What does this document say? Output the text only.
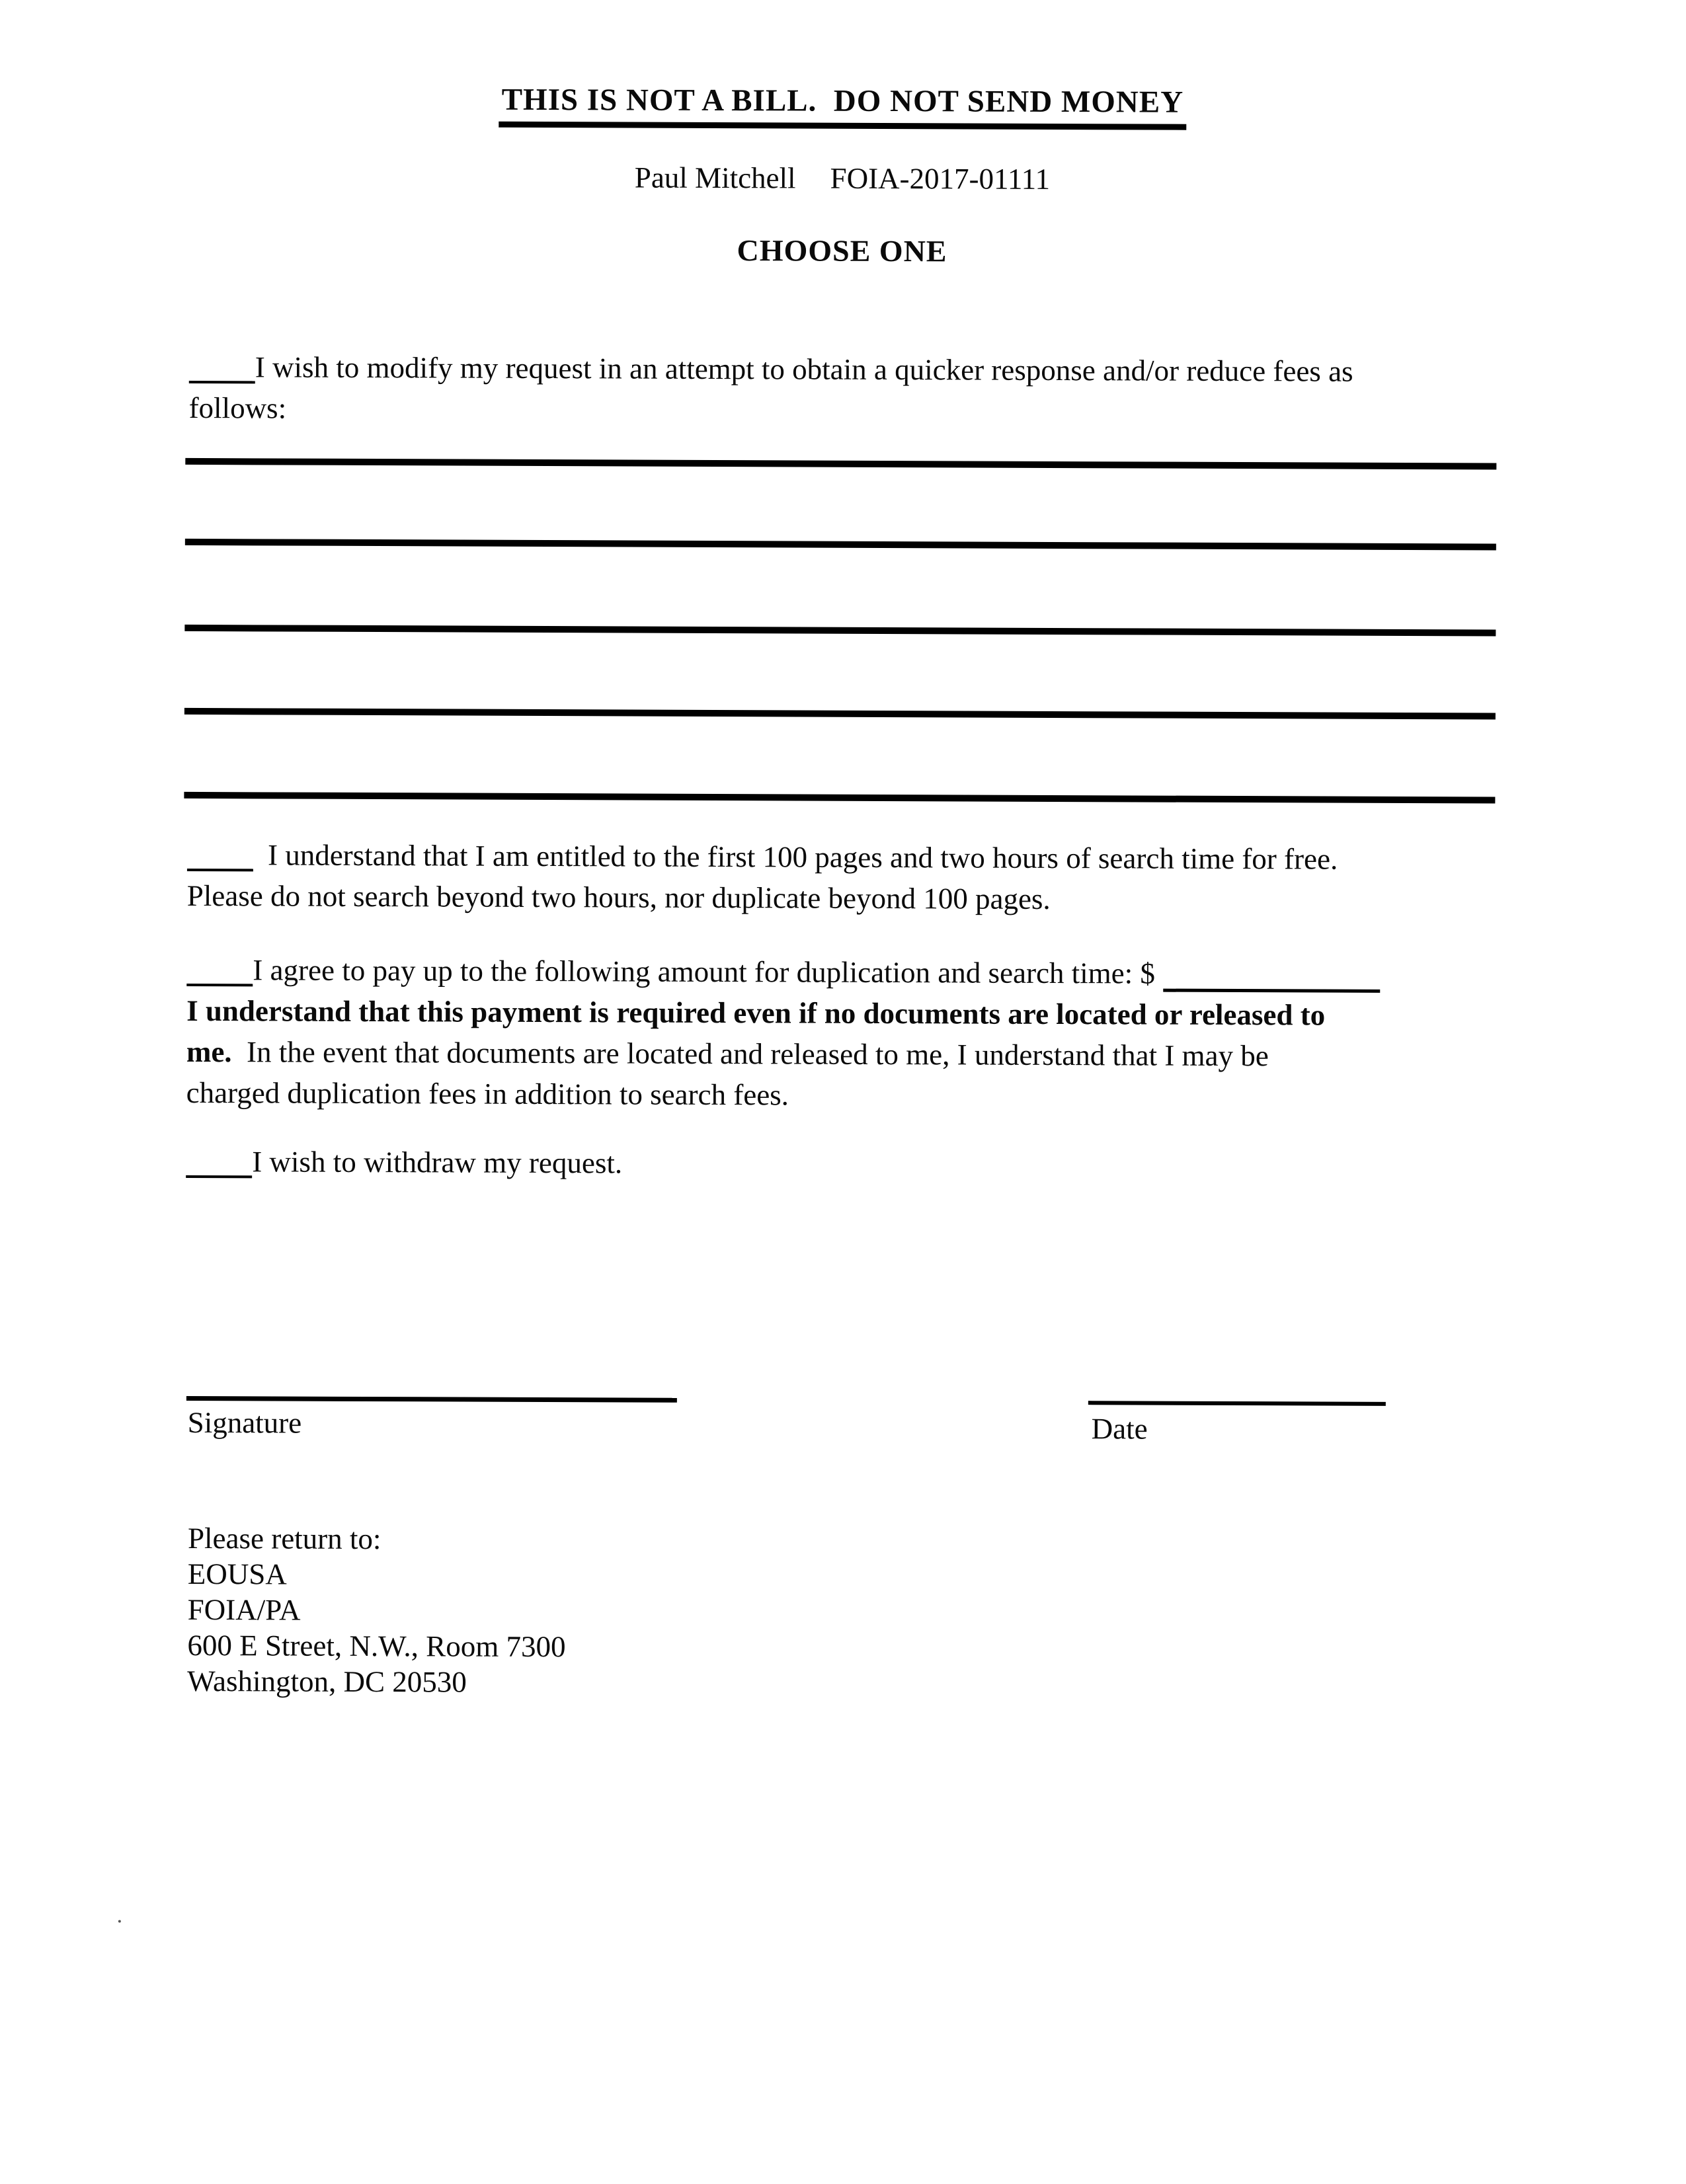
THIS IS NOT A BILL.  DO NOT SEND MONEY
Paul Mitchell FOIA-2017-01111
CHOOSE ONE
I wish to modify my request in an attempt to obtain a quicker response and/or reduce fees as
follows:
I understand that I am entitled to the first 100 pages and two hours of search time for free.
Please do not search beyond two hours, nor duplicate beyond 100 pages.
I agree to pay up to the following amount for duplication and search time: $
I understand that this payment is required even if no documents are located or released to
me.  In the event that documents are located and released to me, I understand that I may be
charged duplication fees in addition to search fees.
I wish to withdraw my request.
Signature	Date
Please return to:
EOUSA
FOIA/PA
600 E Street, N.W., Room 7300
Washington, DC 20530
